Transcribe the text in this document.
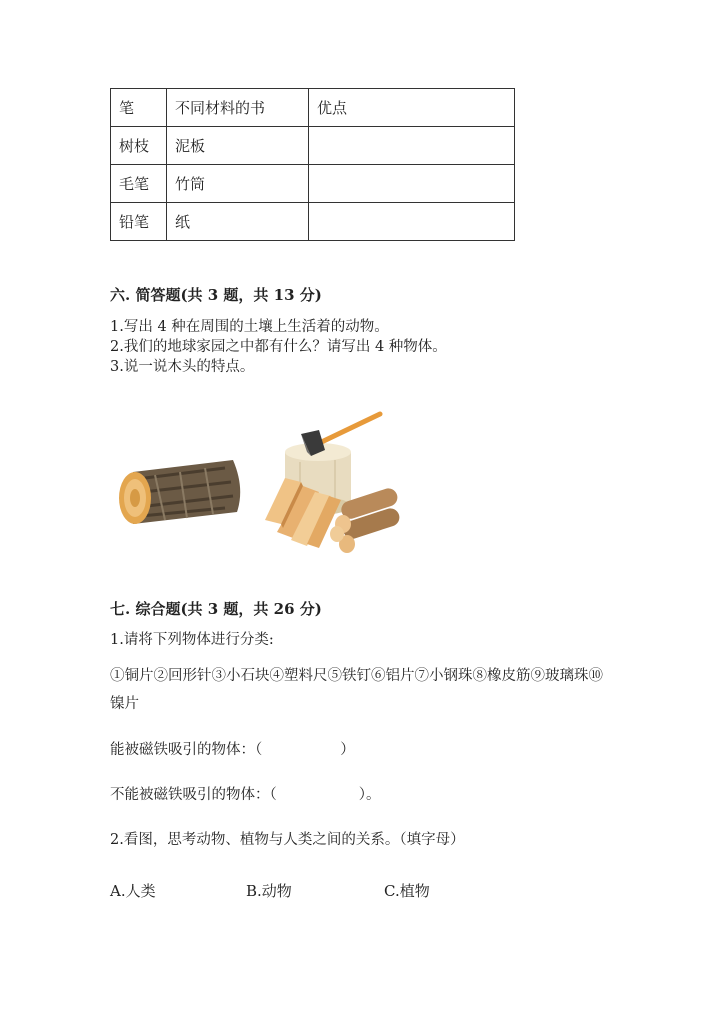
笔	不同材料的书	优点
树枝	泥板	
毛笔	竹筒	
铅笔	纸	
六. 简答题(共 3 题，共 13 分)
1.写出 4 种在周围的土壤上生活着的动物。
2.我们的地球家园之中都有什么？请写出 4 种物体。
3.说一说木头的特点。
七. 综合题(共 3 题，共 26 分)
1.请将下列物体进行分类:
①铜片②回形针③小石块④塑料尺⑤铁钉⑥铝片⑦小钢珠⑧橡皮筋⑨玻璃珠⑩
镍片
能被磁铁吸引的物体：（	）
不能被磁铁吸引的物体：（	）。
2.看图，思考动物、植物与人类之间的关系。（填字母）
A.人类	B.动物	C.植物
